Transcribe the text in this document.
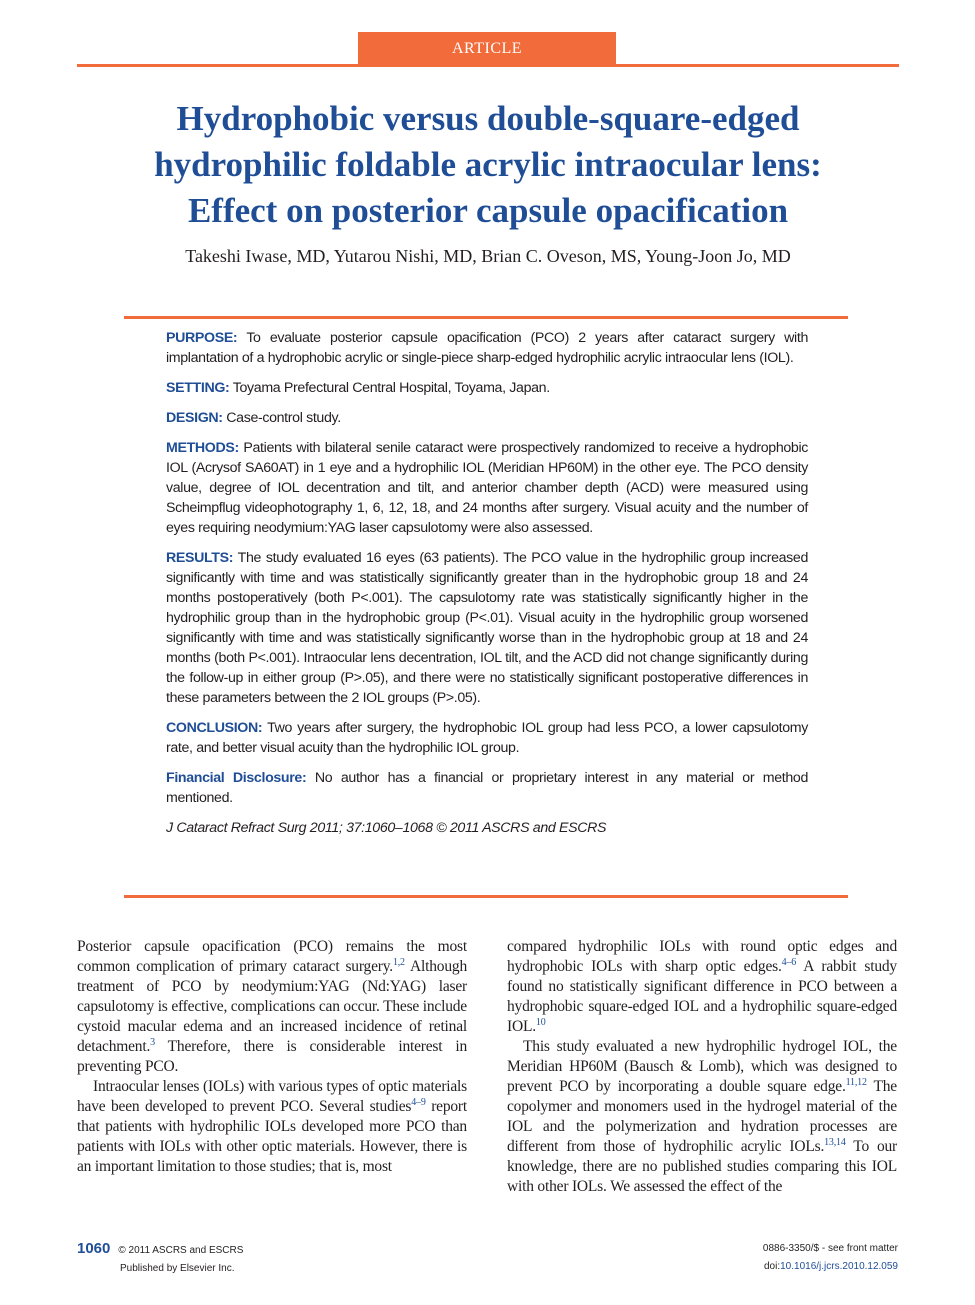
ARTICLE
Hydrophobic versus double-square-edged
hydrophilic foldable acrylic intraocular lens:
Effect on posterior capsule opacification
Takeshi Iwase, MD, Yutarou Nishi, MD, Brian C. Oveson, MS, Young-Joon Jo, MD

PURPOSE: To evaluate posterior capsule opacification (PCO) 2 years after cataract surgery with implantation of a hydrophobic acrylic or single-piece sharp-edged hydrophilic acrylic intraocular lens (IOL).

SETTING: Toyama Prefectural Central Hospital, Toyama, Japan.

DESIGN: Case-control study.

METHODS: Patients with bilateral senile cataract were prospectively randomized to receive a hydrophobic IOL (Acrysof SA60AT) in 1 eye and a hydrophilic IOL (Meridian HP60M) in the other eye. The PCO density value, degree of IOL decentration and tilt, and anterior chamber depth (ACD) were measured using Scheimpflug videophotography 1, 6, 12, 18, and 24 months after surgery. Visual acuity and the number of eyes requiring neodymium:YAG laser capsulotomy were also assessed.

RESULTS: The study evaluated 16 eyes (63 patients). The PCO value in the hydrophilic group increased significantly with time and was statistically significantly greater than in the hydrophobic group 18 and 24 months postoperatively (both P<.001). The capsulotomy rate was statistically significantly higher in the hydrophilic group than in the hydrophobic group (P<.01). Visual acuity in the hydrophilic group worsened significantly with time and was statistically significantly worse than in the hydrophobic group at 18 and 24 months (both P<.001). Intraocular lens decentration, IOL tilt, and the ACD did not change significantly during the follow-up in either group (P>.05), and there were no statistically significant postoperative differences in these parameters between the 2 IOL groups (P>.05).

CONCLUSION: Two years after surgery, the hydrophobic IOL group had less PCO, a lower capsulotomy rate, and better visual acuity than the hydrophilic IOL group.

Financial Disclosure: No author has a financial or proprietary interest in any material or method mentioned.

J Cataract Refract Surg 2011; 37:1060–1068 © 2011 ASCRS and ESCRS

Posterior capsule opacification (PCO) remains the most common complication of primary cataract surgery.$^{1,2}$ Although treatment of PCO by neodymium:YAG (Nd:YAG) laser capsulotomy is effective, complications can occur. These include cystoid macular edema and an increased incidence of retinal detachment.$^3$ Therefore, there is considerable interest in preventing PCO.

Intraocular lenses (IOLs) with various types of optic materials have been developed to prevent PCO. Several studies$^{4-9}$ report that patients with hydrophilic IOLs developed more PCO than patients with IOLs with other optic materials. However, there is an important limitation to those studies; that is, most

compared hydrophilic IOLs with round optic edges and hydrophobic IOLs with sharp optic edges.$^{4-6}$ A rabbit study found no statistically significant difference in PCO between a hydrophobic square-edged IOL and a hydrophilic square-edged IOL.$^{10}$

This study evaluated a new hydrophilic hydrogel IOL, the Meridian HP60M (Bausch & Lomb), which was designed to prevent PCO by incorporating a double square edge.$^{11,12}$ The copolymer and monomers used in the hydrogel material of the IOL and the polymerization and hydration processes are different from those of hydrophilic acrylic IOLs.$^{13,14}$ To our knowledge, there are no published studies comparing this IOL with other IOLs. We assessed the effect of the

1060 © 2011 ASCRS and ESCRS
Published by Elsevier Inc.
0886-3350/$ - see front matter
doi:10.1016/j.jcrs.2010.12.059
